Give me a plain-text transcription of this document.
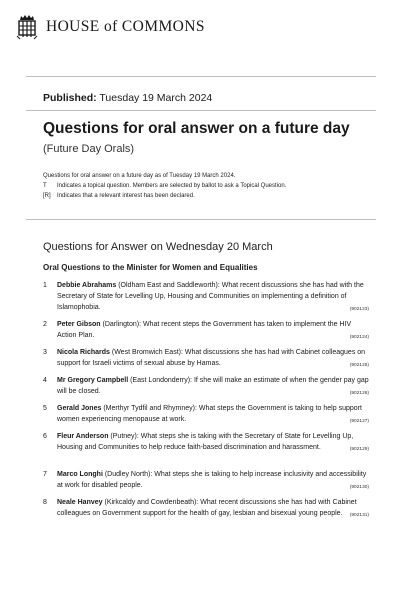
HOUSE of COMMONS
Published: Tuesday 19 March 2024
Questions for oral answer on a future day
(Future Day Orals)
Questions for oral answer on a future day as of Tuesday 19 March 2024.
T	Indicates a topical question. Members are selected by ballot to ask a Topical Question.
[R]	Indicates that a relevant interest has been declared.
Questions for Answer on Wednesday 20 March
Oral Questions to the Minister for Women and Equalities
1	Debbie Abrahams (Oldham East and Saddleworth): What recent discussions she has had with the Secretary of State for Levelling Up, Housing and Communities on implementing a definition of Islamophobia.	(902123)
2	Peter Gibson (Darlington): What recent steps the Government has taken to implement the HIV Action Plan.	(902124)
3	Nicola Richards (West Bromwich East): What discussions she has had with Cabinet colleagues on support for Israeli victims of sexual abuse by Hamas.	(902125)
4	Mr Gregory Campbell (East Londonderry): If she will make an estimate of when the gender pay gap will be closed.	(902126)
5	Gerald Jones (Merthyr Tydfil and Rhymney): What steps the Government is taking to help support women experiencing menopause at work.	(902127)
6	Fleur Anderson (Putney): What steps she is taking with the Secretary of State for Levelling Up, Housing and Communities to help reduce faith-based discrimination and harassment.	(902129)
7	Marco Longhi (Dudley North): What steps she is taking to help increase inclusivity and accessibility at work for disabled people.	(902130)
8	Neale Hanvey (Kirkcaldy and Cowdenbeath): What recent discussions she has had with Cabinet colleagues on Government support for the health of gay, lesbian and bisexual young people. (902131)
